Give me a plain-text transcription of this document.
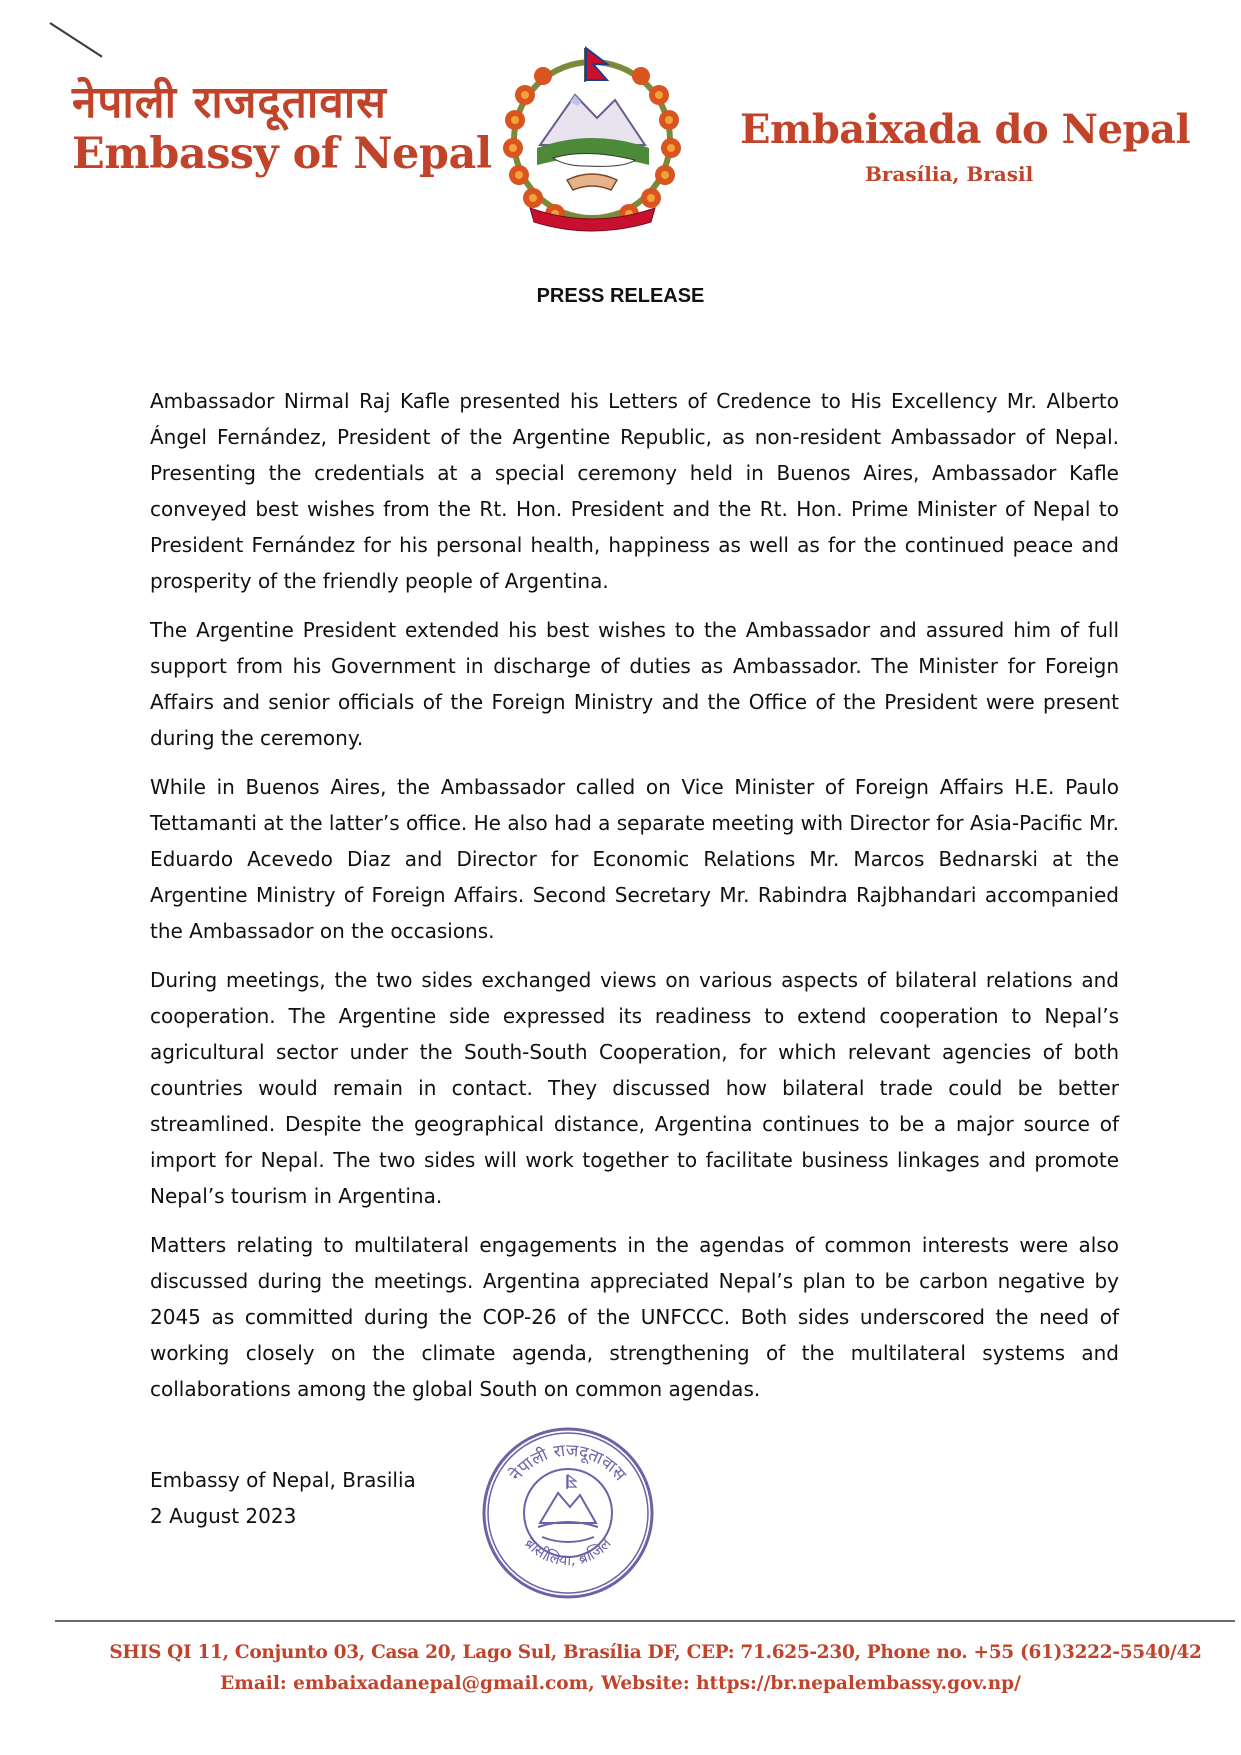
नेपाली राजदूतावास
Embassy of Nepal	Embaixada do Nepal
Brasília, Brasil
PRESS RELEASE

Ambassador Nirmal Raj Kafle presented his Letters of Credence to His Excellency Mr. Alberto Ángel Fernández, President of the Argentine Republic, as non-resident Ambassador of Nepal. Presenting the credentials at a special ceremony held in Buenos Aires, Ambassador Kafle conveyed best wishes from the Rt. Hon. President and the Rt. Hon. Prime Minister of Nepal to President Fernández for his personal health, happiness as well as for the continued peace and prosperity of the friendly people of Argentina.

The Argentine President extended his best wishes to the Ambassador and assured him of full support from his Government in discharge of duties as Ambassador. The Minister for Foreign Affairs and senior officials of the Foreign Ministry and the Office of the President were present during the ceremony.

While in Buenos Aires, the Ambassador called on Vice Minister of Foreign Affairs H.E. Paulo Tettamanti at the latter’s office. He also had a separate meeting with Director for Asia-Pacific Mr. Eduardo Acevedo Diaz and Director for Economic Relations Mr. Marcos Bednarski at the Argentine Ministry of Foreign Affairs. Second Secretary Mr. Rabindra Rajbhandari accompanied the Ambassador on the occasions.

During meetings, the two sides exchanged views on various aspects of bilateral relations and cooperation. The Argentine side expressed its readiness to extend cooperation to Nepal’s agricultural sector under the South-South Cooperation, for which relevant agencies of both countries would remain in contact. They discussed how bilateral trade could be better streamlined. Despite the geographical distance, Argentina continues to be a major source of import for Nepal. The two sides will work together to facilitate business linkages and promote Nepal’s tourism in Argentina.

Matters relating to multilateral engagements in the agendas of common interests were also discussed during the meetings. Argentina appreciated Nepal’s plan to be carbon negative by 2045 as committed during the COP-26 of the UNFCCC. Both sides underscored the need of working closely on the climate agenda, strengthening of the multilateral systems and collaborations among the global South on common agendas.

Embassy of Nepal, Brasilia
2 August 2023
नेपाली राजदूतावास
ब्रासीलिया, ब्राजिल
SHIS QI 11, Conjunto 03, Casa 20, Lago Sul, Brasília DF, CEP: 71.625-230, Phone no. +55 (61)3222-5540/42
Email: embaixadanepal@gmail.com, Website: https://br.nepalembassy.gov.np/
